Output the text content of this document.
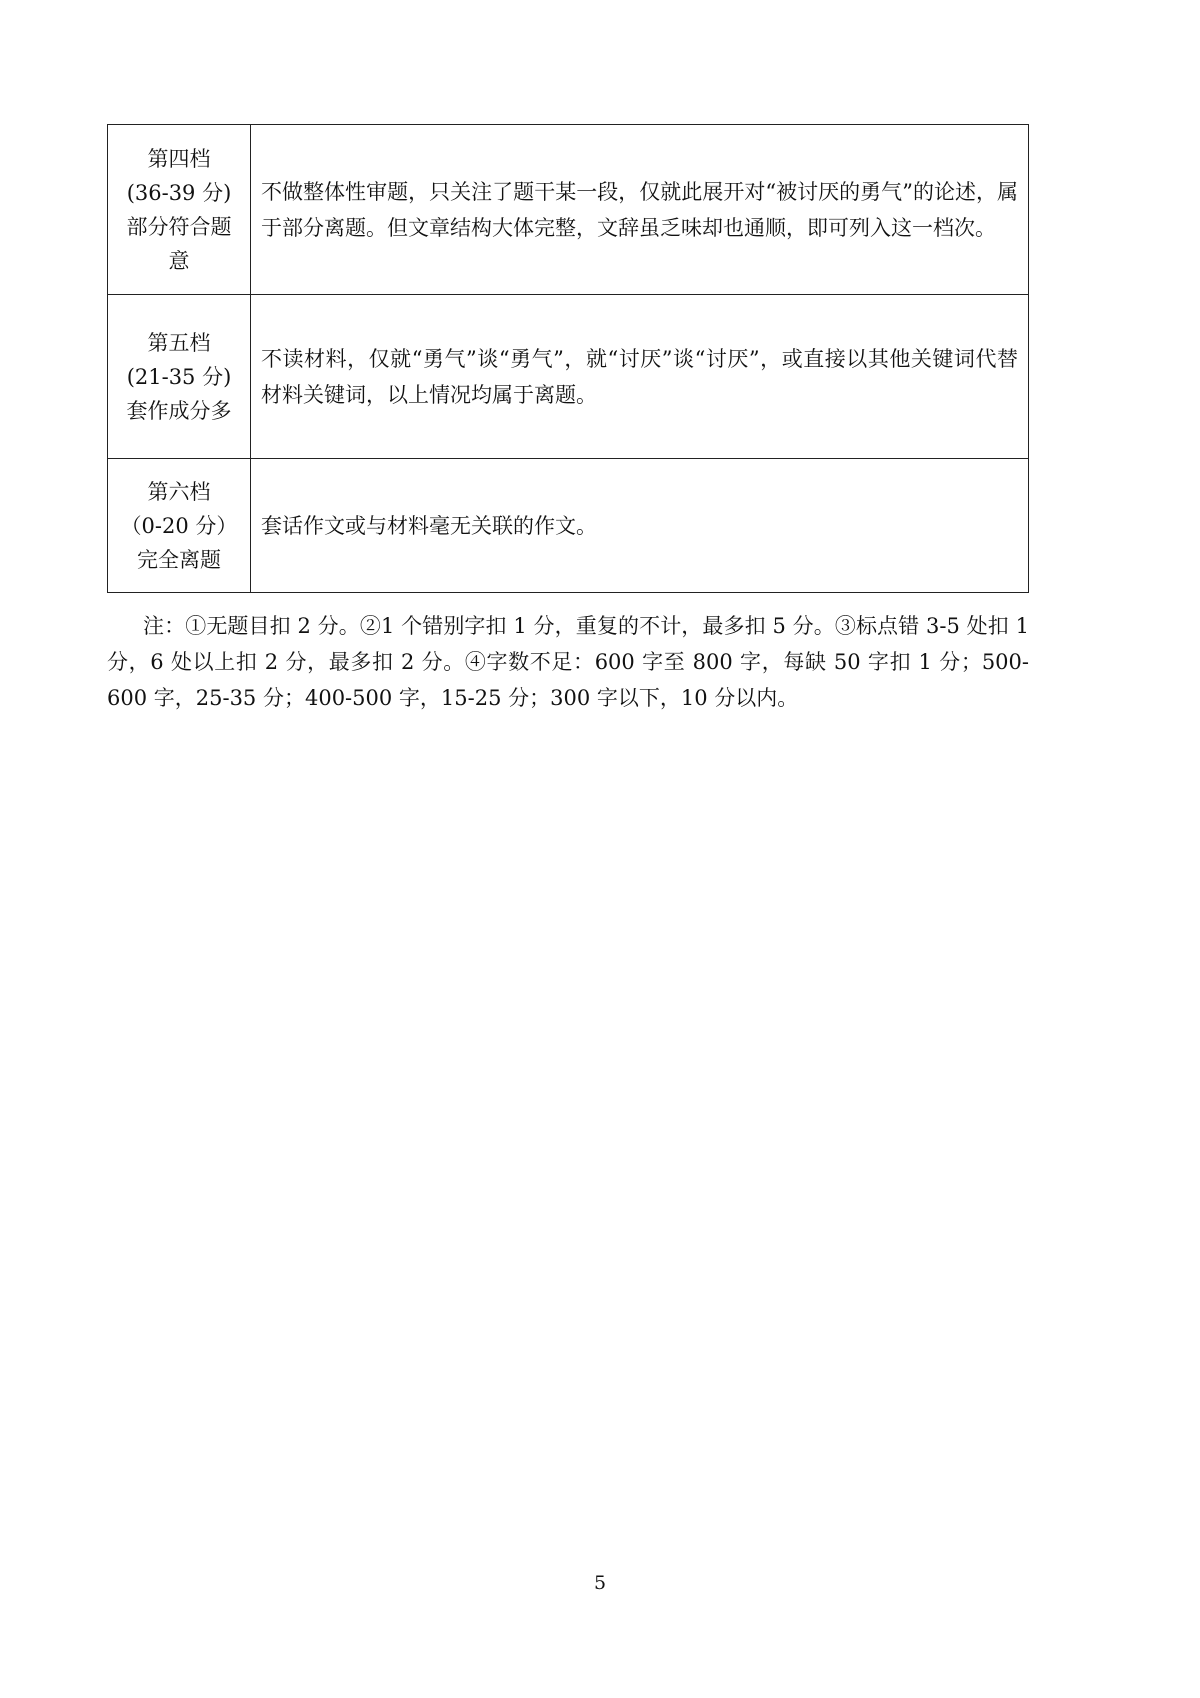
第四档
(36-39 分)
部分符合题
意	不做整体性审题，只关注了题干某一段，仅就此展开对“被讨厌的勇气”的论述，属于部分离题。但文章结构大体完整，文辞虽乏味却也通顺，即可列入这一档次。

第五档
(21-35 分)
套作成分多	不读材料，仅就“勇气”谈“勇气”，就“讨厌”谈“讨厌”，或直接以其他关键词代替材料关键词，以上情况均属于离题。

第六档
（0-20 分）
完全离题	套话作文或与材料毫无关联的作文。

注：①无题目扣 2 分。②1 个错别字扣 1 分，重复的不计，最多扣 5 分。③标点错 3-5 处扣 1 分，6 处以上扣 2 分，最多扣 2 分。④字数不足：600 字至 800 字，每缺 50 字扣 1 分；500-600 字，25-35 分；400-500 字，15-25 分；300 字以下，10 分以内。

5
